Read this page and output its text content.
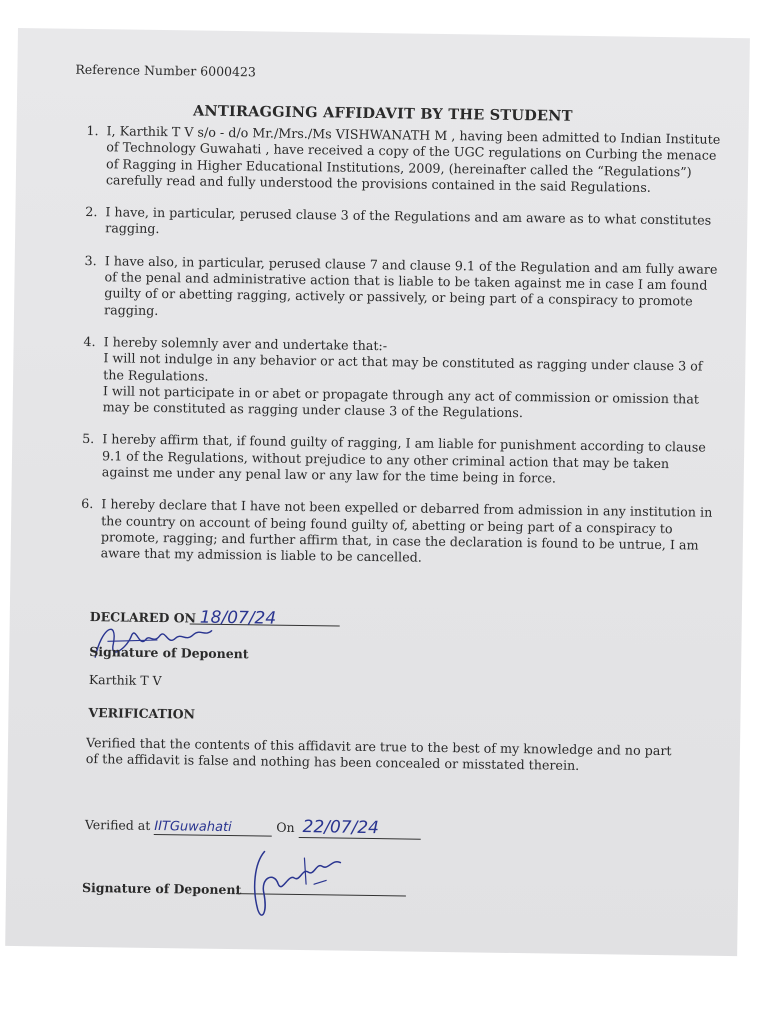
Reference Number 6000423
ANTIRAGGING AFFIDAVIT BY THE STUDENT

1. I, Karthik T V s/o - d/o Mr./Mrs./Ms VISHWANATH M , having been admitted to Indian Institute of Technology Guwahati , have received a copy of the UGC regulations on Curbing the menace of Ragging in Higher Educational Institutions, 2009, (hereinafter called the “Regulations”) carefully read and fully understood the provisions contained in the said Regulations.

2. I have, in particular, perused clause 3 of the Regulations and am aware as to what constitutes ragging.

3. I have also, in particular, perused clause 7 and clause 9.1 of the Regulation and am fully aware of the penal and administrative action that is liable to be taken against me in case I am found guilty of or abetting ragging, actively or passively, or being part of a conspiracy to promote ragging.

4. I hereby solemnly aver and undertake that:-

I will not indulge in any behavior or act that may be constituted as ragging under clause 3 of the Regulations.

I will not participate in or abet or propagate through any act of commission or omission that may be constituted as ragging under clause 3 of the Regulations.

5. I hereby affirm that, if found guilty of ragging, I am liable for punishment according to clause 9.1 of the Regulations, without prejudice to any other criminal action that may be taken against me under any penal law or any law for the time being in force.

6. I hereby declare that I have not been expelled or debarred from admission in any institution in the country on account of being found guilty of, abetting or being part of a conspiracy to promote, ragging; and further affirm that, in case the declaration is found to be untrue, I am aware that my admission is liable to be cancelled.

DECLARED ON 18/07/24
Signature of Deponent
Karthik T V
VERIFICATION
Verified that the contents of this affidavit are true to the best of my knowledge and no part of the affidavit is false and nothing has been concealed or misstated therein.
Verified at IITGuwahati	On 22/07/24
Signature of Deponent
